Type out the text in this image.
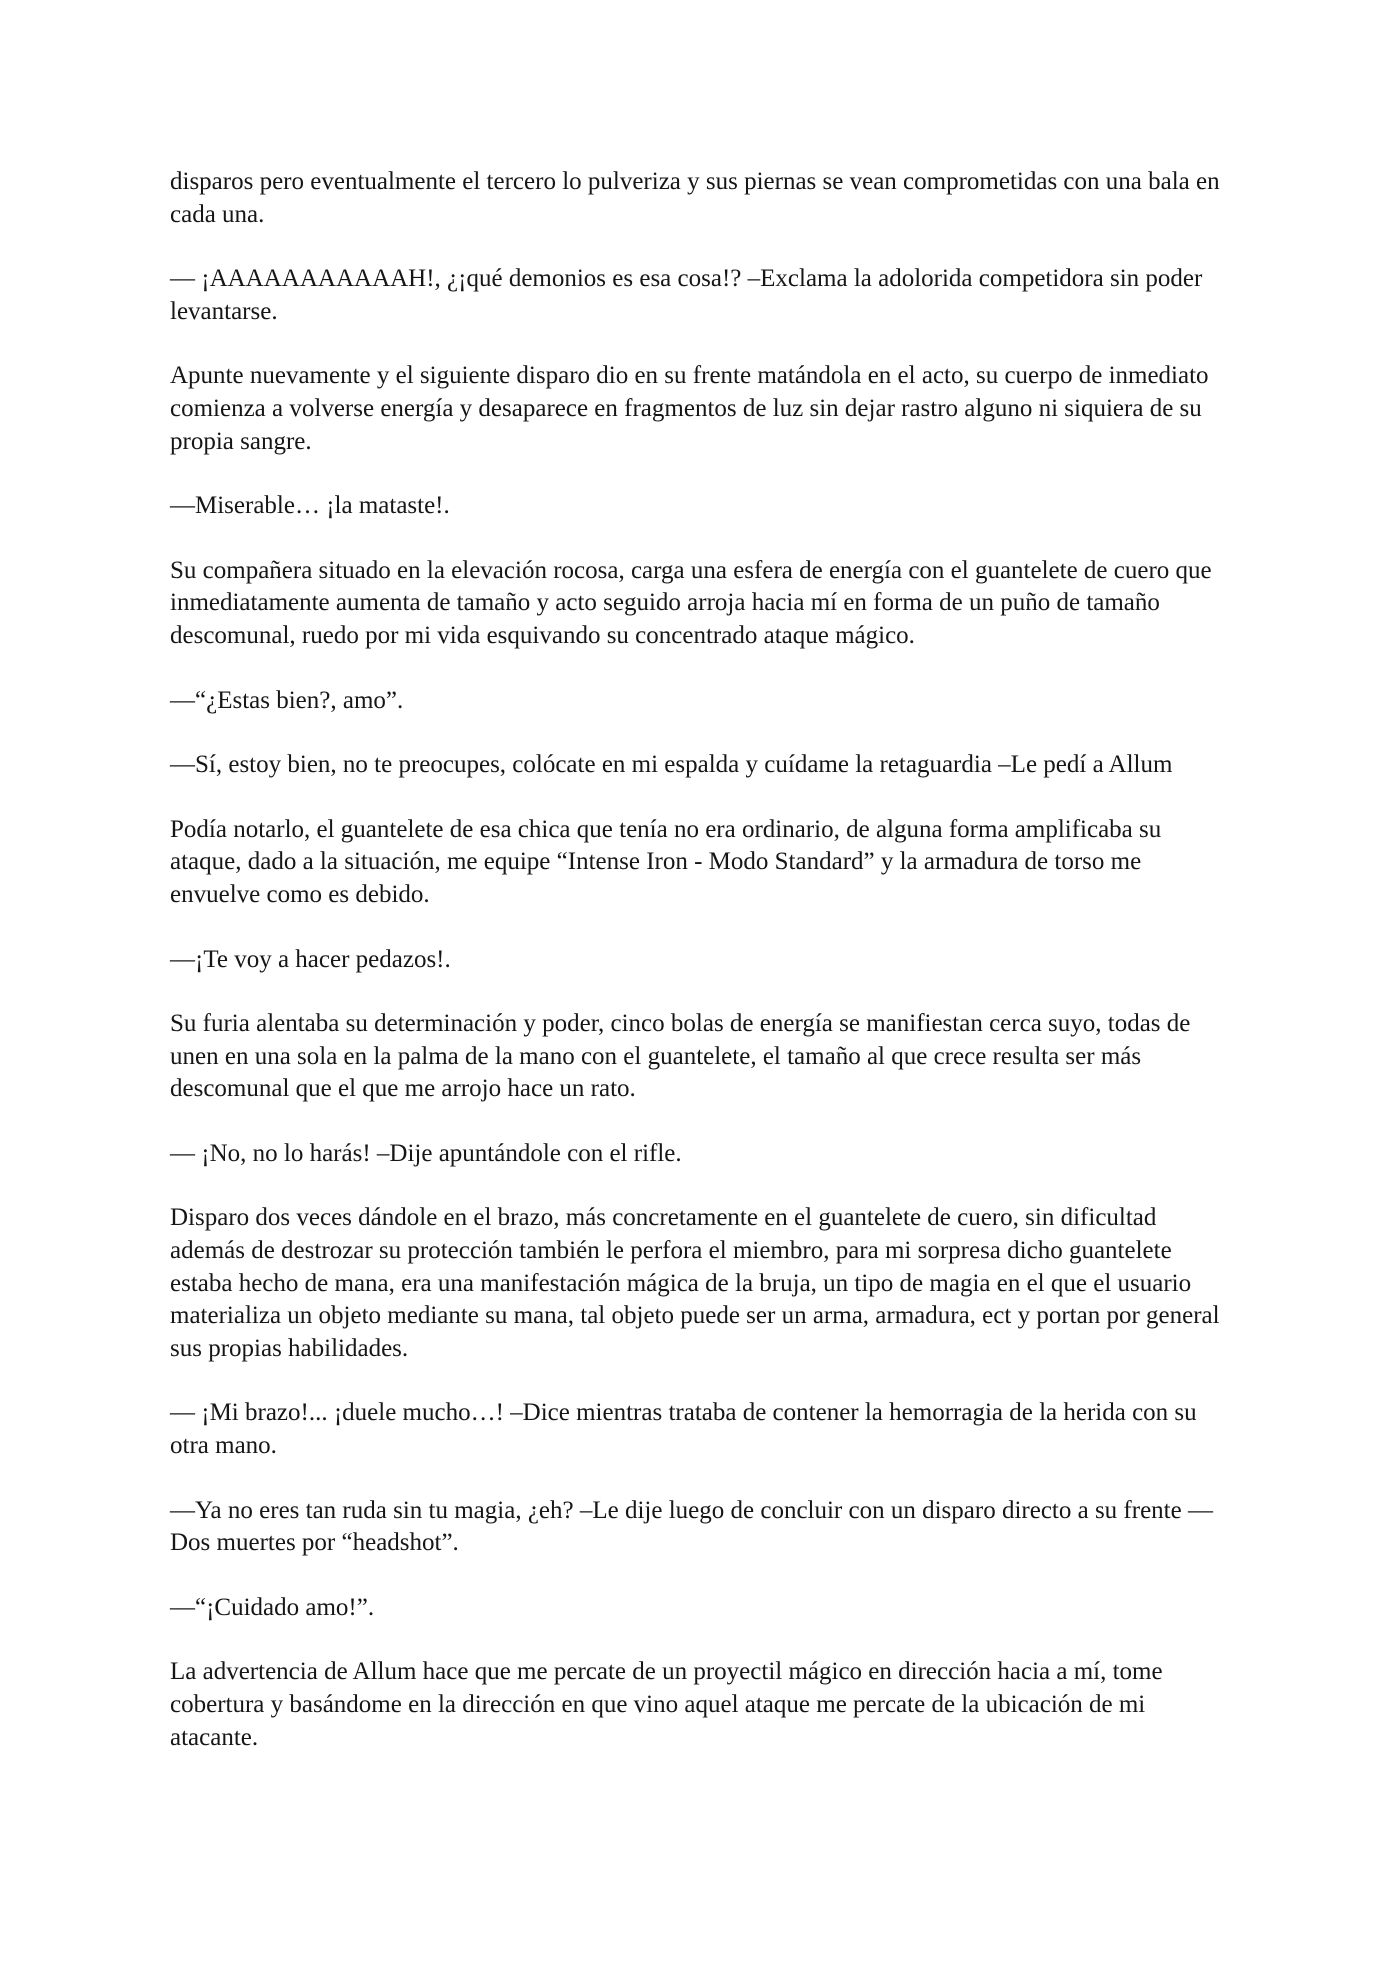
disparos pero eventualmente el tercero lo pulveriza y sus piernas se vean comprometidas con una bala en cada una.

— ¡AAAAAAAAAAAH!, ¿¡qué demonios es esa cosa!? –Exclama la adolorida competidora sin poder levantarse.

Apunte nuevamente y el siguiente disparo dio en su frente matándola en el acto, su cuerpo de inmediato comienza a volverse energía y desaparece en fragmentos de luz sin dejar rastro alguno ni siquiera de su propia sangre.

—Miserable… ¡la mataste!.

Su compañera situado en la elevación rocosa, carga una esfera de energía con el guantelete de cuero que inmediatamente aumenta de tamaño y acto seguido arroja hacia mí en forma de un puño de tamaño descomunal, ruedo por mi vida esquivando su concentrado ataque mágico.

—“¿Estas bien?, amo”.

—Sí, estoy bien, no te preocupes, colócate en mi espalda y cuídame la retaguardia –Le pedí a Allum

Podía notarlo, el guantelete de esa chica que tenía no era ordinario, de alguna forma amplificaba su ataque, dado a la situación, me equipe “Intense Iron - Modo Standard” y la armadura de torso me envuelve como es debido.

—¡Te voy a hacer pedazos!.

Su furia alentaba su determinación y poder, cinco bolas de energía se manifiestan cerca suyo, todas de unen en una sola en la palma de la mano con el guantelete, el tamaño al que crece resulta ser más descomunal que el que me arrojo hace un rato.

— ¡No, no lo harás! –Dije apuntándole con el rifle.

Disparo dos veces dándole en el brazo, más concretamente en el guantelete de cuero, sin dificultad además de destrozar su protección también le perfora el miembro, para mi sorpresa dicho guantelete estaba hecho de mana, era una manifestación mágica de la bruja, un tipo de magia en el que el usuario materializa un objeto mediante su mana, tal objeto puede ser un arma, armadura, ect y portan por general sus propias habilidades.

— ¡Mi brazo!... ¡duele mucho…! –Dice mientras trataba de contener la hemorragia de la herida con su otra mano.

—Ya no eres tan ruda sin tu magia, ¿eh? –Le dije luego de concluir con un disparo directo a su frente —Dos muertes por “headshot”.

—“¡Cuidado amo!”.

La advertencia de Allum hace que me percate de un proyectil mágico en dirección hacia a mí, tome cobertura y basándome en la dirección en que vino aquel ataque me percate de la ubicación de mi atacante.
